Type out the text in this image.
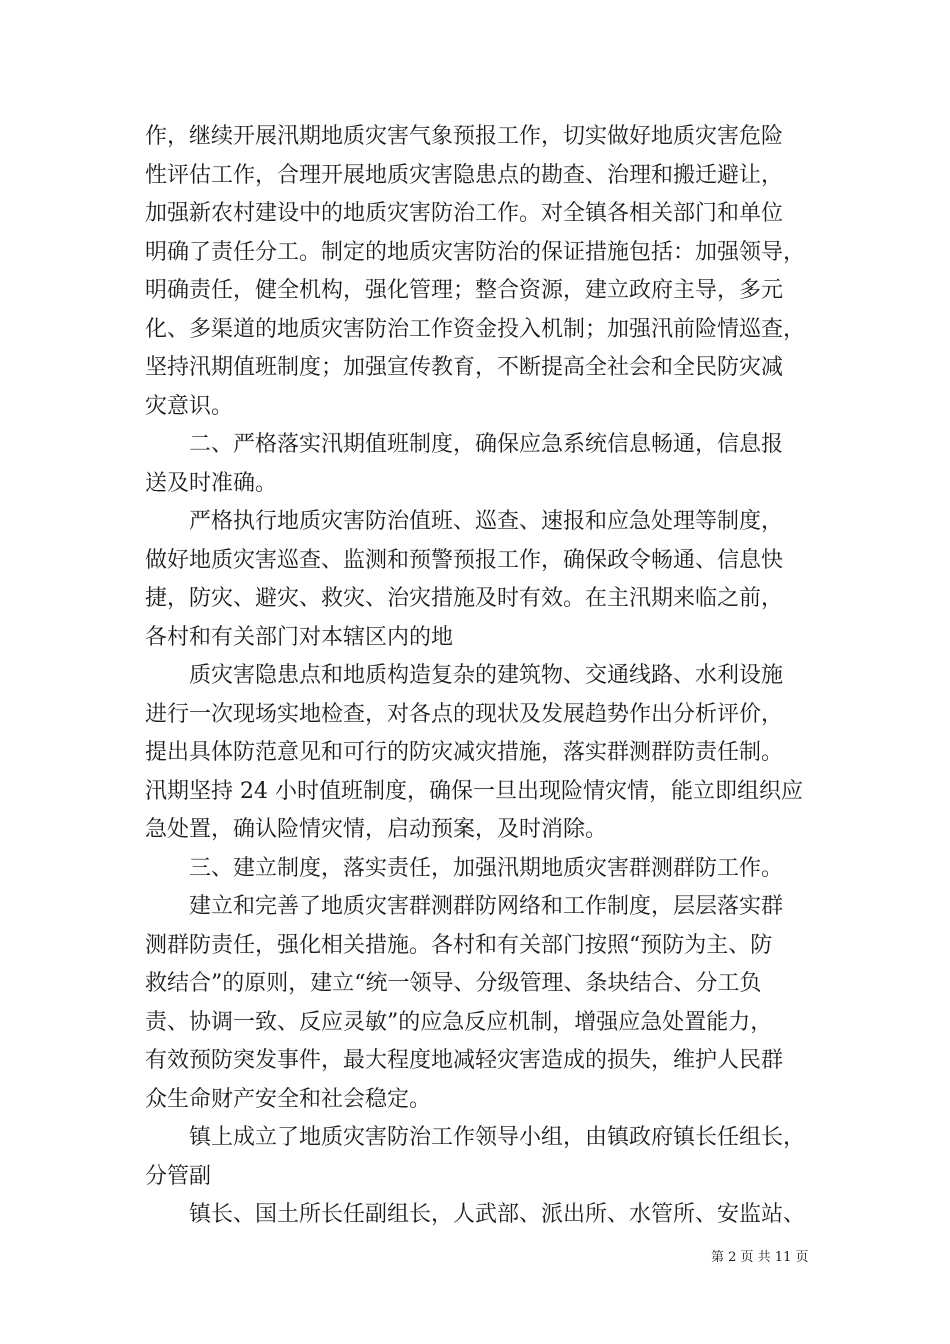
作，继续开展汛期地质灾害气象预报工作，切实做好地质灾害危险
性评估工作，合理开展地质灾害隐患点的勘查、治理和搬迁避让，
加强新农村建设中的地质灾害防治工作。对全镇各相关部门和单位
明确了责任分工。制定的地质灾害防治的保证措施包括：加强领导，
明确责任，健全机构，强化管理；整合资源，建立政府主导，多元
化、多渠道的地质灾害防治工作资金投入机制；加强汛前险情巡查，
坚持汛期值班制度；加强宣传教育，不断提高全社会和全民防灾减
灾意识。
二、严格落实汛期值班制度，确保应急系统信息畅通，信息报
送及时准确。
严格执行地质灾害防治值班、巡查、速报和应急处理等制度，
做好地质灾害巡查、监测和预警预报工作，确保政令畅通、信息快
捷，防灾、避灾、救灾、治灾措施及时有效。在主汛期来临之前，
各村和有关部门对本辖区内的地
质灾害隐患点和地质构造复杂的建筑物、交通线路、水利设施
进行一次现场实地检查，对各点的现状及发展趋势作出分析评价，
提出具体防范意见和可行的防灾减灾措施，落实群测群防责任制。
汛期坚持 24 小时值班制度，确保一旦出现险情灾情，能立即组织应
急处置，确认险情灾情，启动预案，及时消除。
三、建立制度，落实责任，加强汛期地质灾害群测群防工作。
建立和完善了地质灾害群测群防网络和工作制度，层层落实群
测群防责任，强化相关措施。各村和有关部门按照“预防为主、防
救结合”的原则，建立“统一领导、分级管理、条块结合、分工负
责、协调一致、反应灵敏”的应急反应机制，增强应急处置能力，
有效预防突发事件，最大程度地减轻灾害造成的损失，维护人民群
众生命财产安全和社会稳定。
镇上成立了地质灾害防治工作领导小组，由镇政府镇长任组长，
分管副
镇长、国土所长任副组长，人武部、派出所、水管所、安监站、
第 2 页 共 11 页
